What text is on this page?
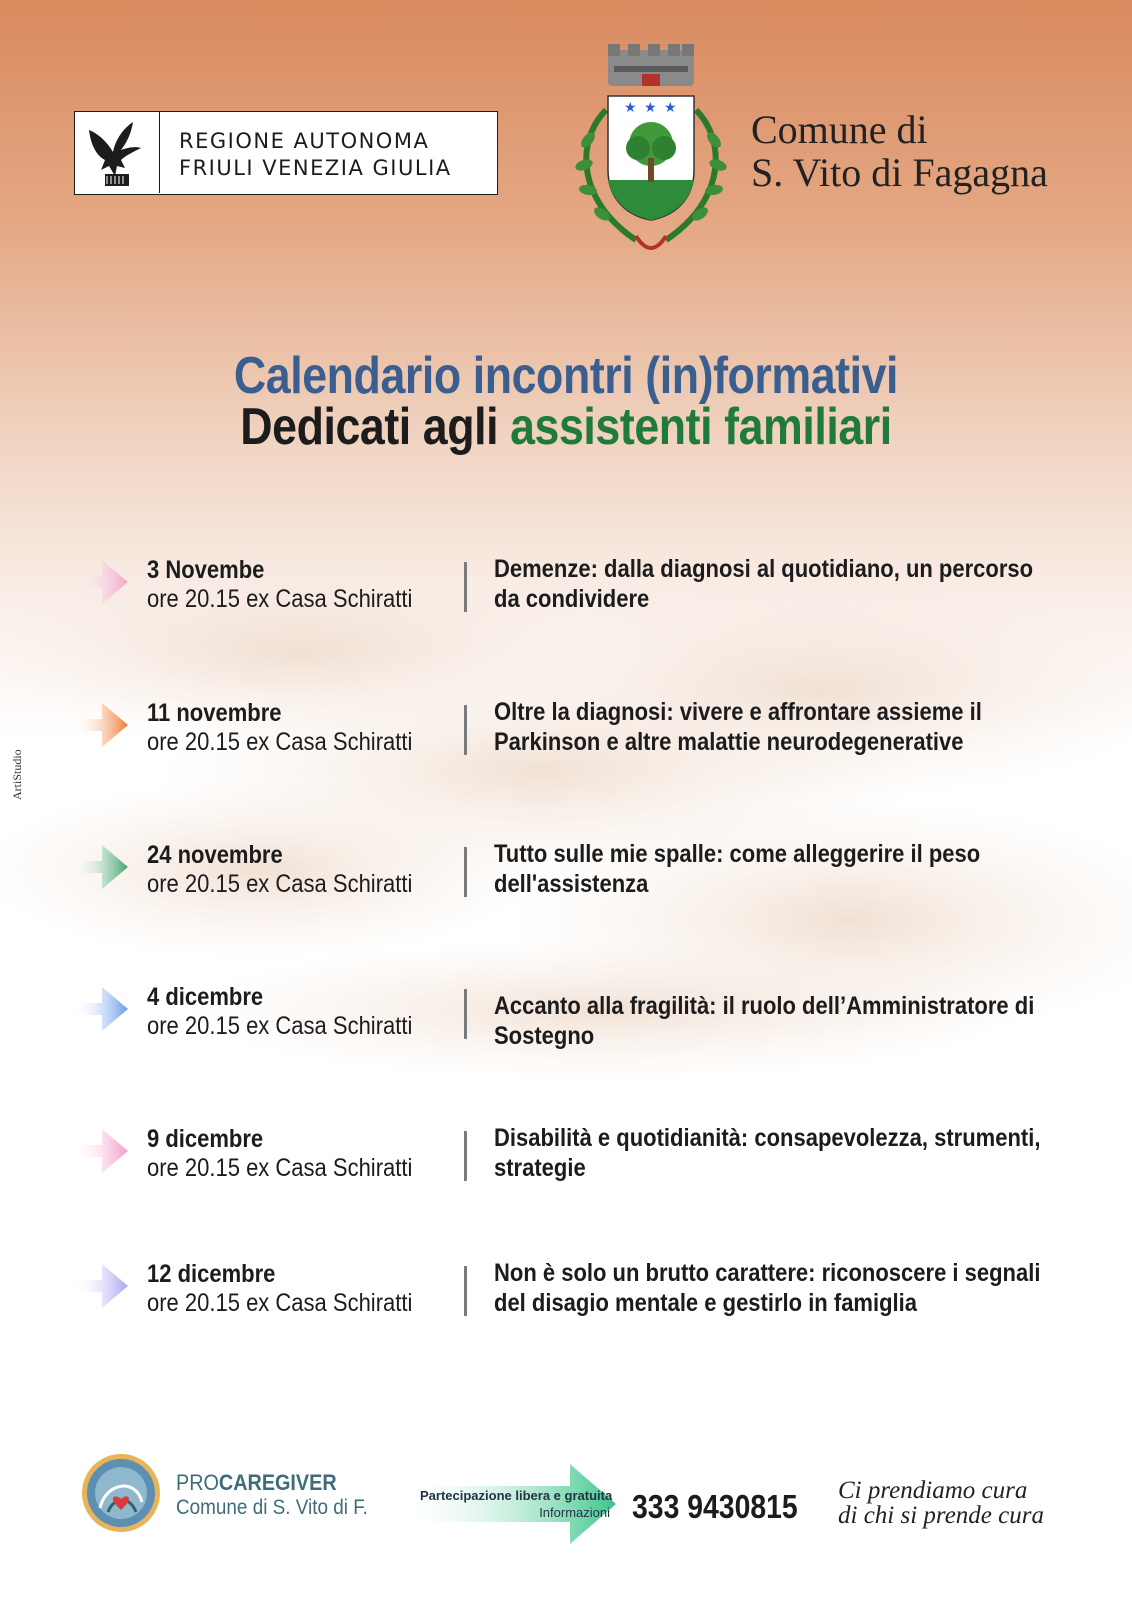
REGIONE AUTONOMA
FRIULI VENEZIA GIULIA
★ ★ ★ Comune di
S. Vito di Fagagna
Calendario incontri (in)formativi
Dedicati agli assistenti familiari
3 Novembe
ore 20.15 ex Casa Schiratti
Demenze: dalla diagnosi al quotidiano, un percorso da condividere
11 novembre
ore 20.15 ex Casa Schiratti
Oltre la diagnosi: vivere e affrontare assieme il Parkinson e altre malattie neurodegenerative
24 novembre
ore 20.15 ex Casa Schiratti
Tutto sulle mie spalle: come alleggerire il peso dell'assistenza
4 dicembre
ore 20.15 ex Casa Schiratti
Accanto alla fragilità: il ruolo dell’Amministratore di Sostegno
9 dicembre
ore 20.15 ex Casa Schiratti
Disabilità e quotidianità: consapevolezza, strumenti, strategie
12 dicembre
ore 20.15 ex Casa Schiratti
Non è solo un brutto carattere: riconoscere i segnali del disagio mentale e gestirlo in famiglia
ArtiStudio
PROCAREGIVER
Comune di S. Vito di F.
Partecipazione libera e gratuita
Informazioni 333 9430815 Ci prendiamo cura
di chi si prende cura
